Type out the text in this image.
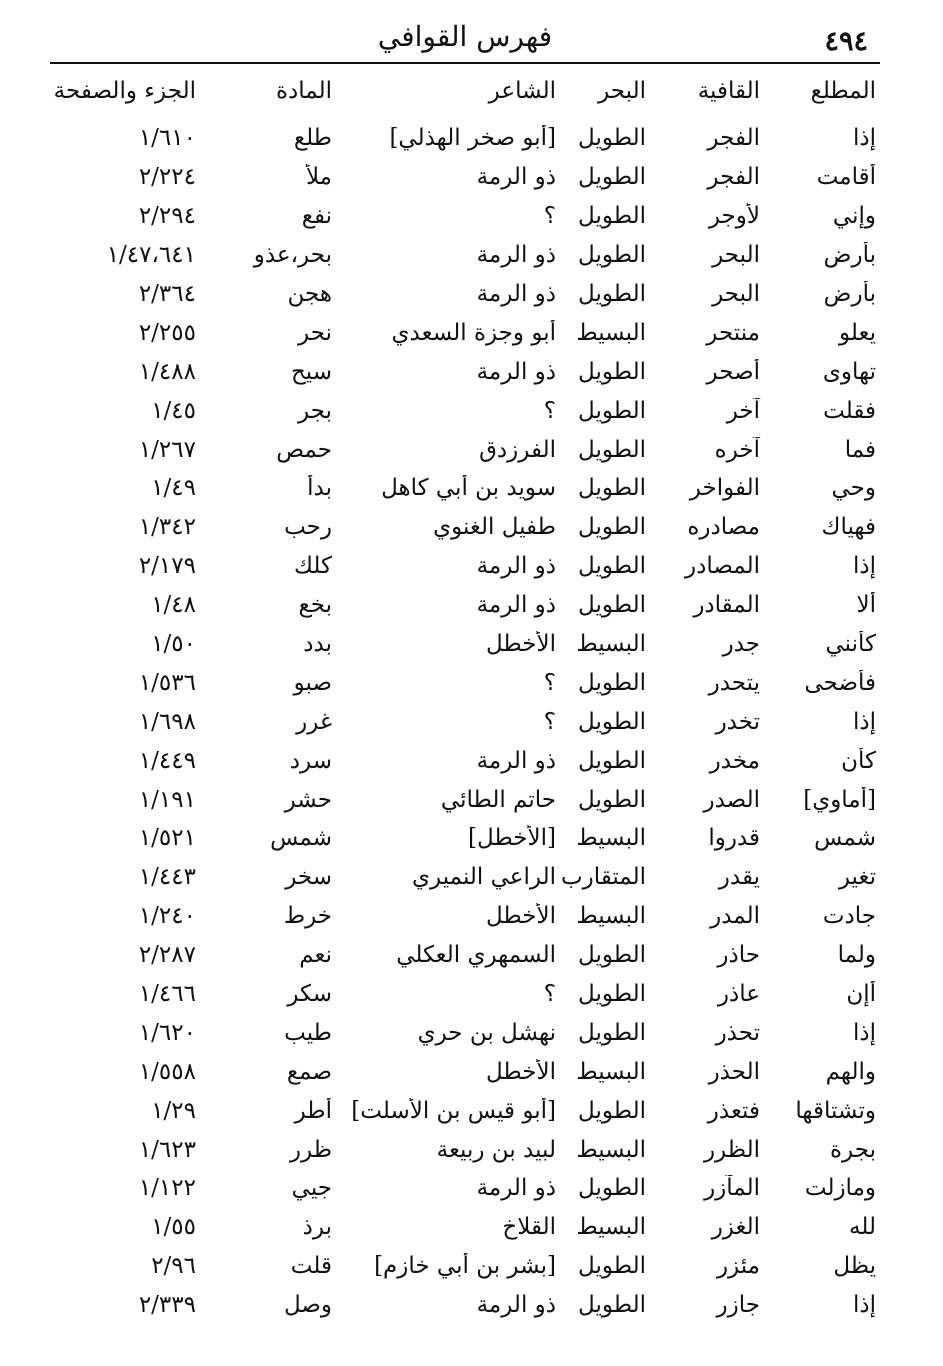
٤٩٤
فهرس القوافي
المطلع
القافية
البحر
الشاعر
المادة
الجزء والصفحة
إذا
الفجر
الطويل
[أبو صخر الهذلي]
طلع
١/٦١٠
أقامت
الفجر
الطويل
ذو الرمة
ملأ
٢/٢٢٤
وإني
لأوجر
الطويل
؟
نفع
٢/٢٩٤
بأرض
البحر
الطويل
ذو الرمة
بحر،عذو
١/٤٧،٦٤١
بأرض
البحر
الطويل
ذو الرمة
هجن
٢/٣٦٤
يعلو
منتحر
البسيط
أبو وجزة السعدي
نحر
٢/٢٥٥
تهاوى
أصحر
الطويل
ذو الرمة
سيح
١/٤٨٨
فقلت
آخر
الطويل
؟
بجر
١/٤٥
فما
آخره
الطويل
الفرزدق
حمص
١/٢٦٧
وحي
الفواخر
الطويل
سويد بن أبي كاهل
بدأ
١/٤٩
فهياك
مصادره
الطويل
طفيل الغنوي
رحب
١/٣٤٢
إذا
المصادر
الطويل
ذو الرمة
كلك
٢/١٧٩
ألا
المقادر
الطويل
ذو الرمة
بخع
١/٤٨
كأنني
جدر
البسيط
الأخطل
بدد
١/٥٠
فأضحى
يتحدر
الطويل
؟
صبو
١/٥٣٦
إذا
تخدر
الطويل
؟
غرر
١/٦٩٨
كأن
مخدر
الطويل
ذو الرمة
سرد
١/٤٤٩
[أماوي]
الصدر
الطويل
حاتم الطائي
حشر
١/١٩١
شمس
قدروا
البسيط
[الأخطل]
شمس
١/٥٢١
تغير
يقدر
المتقارب
الراعي النميري
سخر
١/٤٤٣
جادت
المدر
البسيط
الأخطل
خرط
١/٢٤٠
ولما
حاذر
الطويل
السمهري العكلي
نعم
٢/٢٨٧
أإن
عاذر
الطويل
؟
سكر
١/٤٦٦
إذا
تحذر
الطويل
نهشل بن حري
طيب
١/٦٢٠
والهم
الحذر
البسيط
الأخطل
صمع
١/٥٥٨
وتشتاقها
فتعذر
الطويل
[أبو قيس بن الأسلت]
أطر
١/٢٩
بجرة
الظرر
البسيط
لبيد بن ربيعة
ظرر
١/٦٢٣
ومازلت
المآزر
الطويل
ذو الرمة
جيي
١/١٢٢
لله
الغزر
البسيط
القلاخ
برذ
١/٥٥
يظل
مئزر
الطويل
[بشر بن أبي خازم]
قلت
٢/٩٦
إذا
جازر
الطويل
ذو الرمة
وصل
٢/٣٣٩
